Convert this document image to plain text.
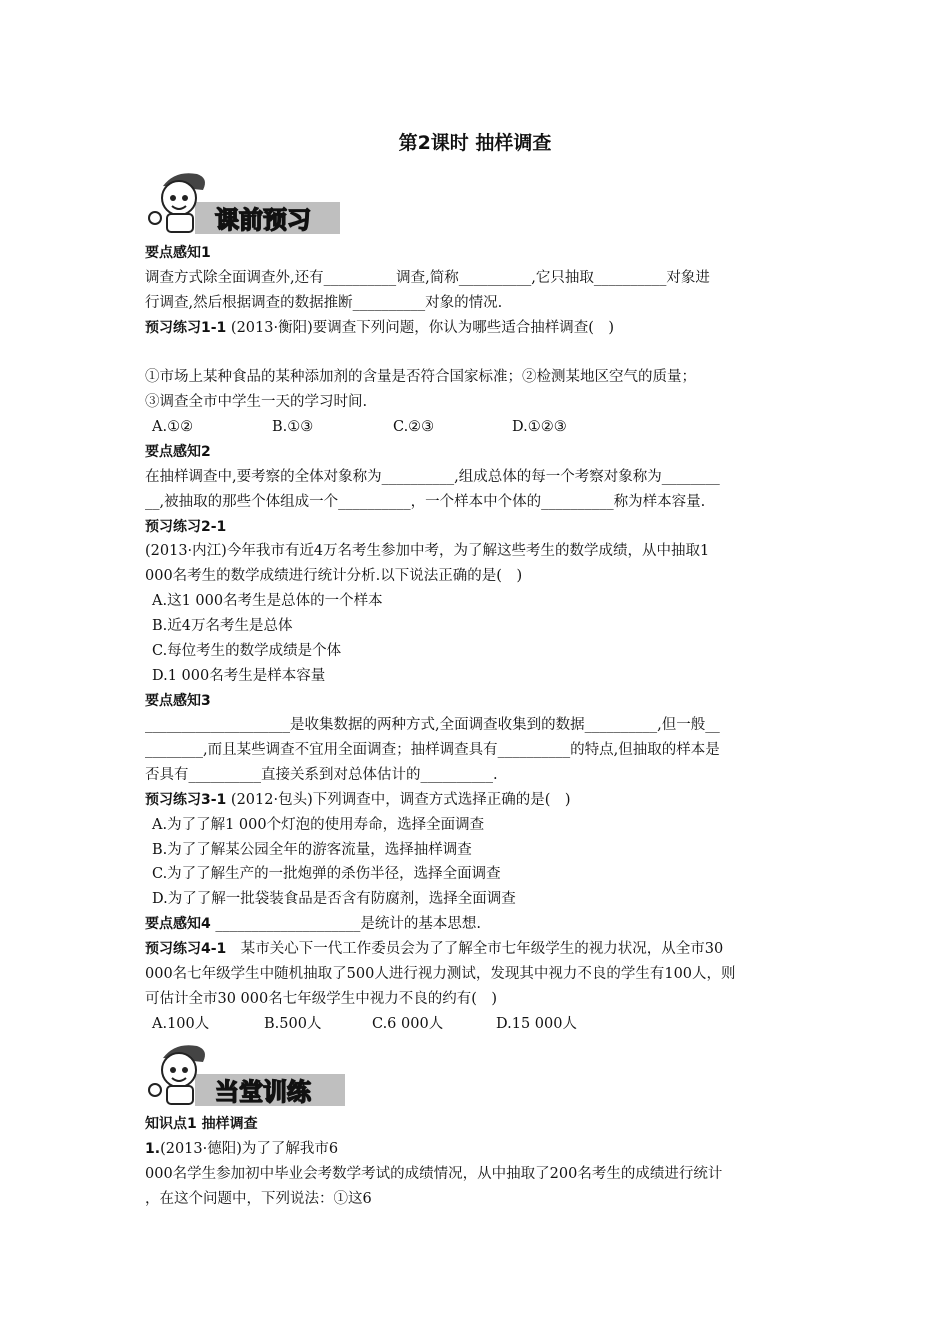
第2课时 抽样调查
课前预习
当堂训练
要点感知1
调查方式除全面调查外,还有__________调查,简称__________,它只抽取__________对象进
行调查,然后根据调查的数据推断__________对象的情况.
预习练习1-1 (2013·衡阳)要调查下列问题，你认为哪些适合抽样调查(　)
①市场上某种食品的某种添加剂的含量是否符合国家标准；②检测某地区空气的质量；
③调查全市中学生一天的学习时间.
A.①②	B.①③	C.②③	D.①②③
要点感知2
在抽样调查中,要考察的全体对象称为__________,组成总体的每一个考察对象称为________
__,被抽取的那些个体组成一个__________，一个样本中个体的__________称为样本容量.
预习练习2-1
(2013·内江)今年我市有近4万名考生参加中考，为了解这些考生的数学成绩，从中抽取1
000名考生的数学成绩进行统计分析.以下说法正确的是(　)
A.这1 000名考生是总体的一个样本
B.近4万名考生是总体
C.每位考生的数学成绩是个体
D.1 000名考生是样本容量
要点感知3
____________________是收集数据的两种方式,全面调查收集到的数据__________,但一般__
________,而且某些调查不宜用全面调查；抽样调查具有__________的特点,但抽取的样本是
否具有__________直接关系到对总体估计的__________.
预习练习3-1 (2012·包头)下列调查中，调查方式选择正确的是(　)
A.为了了解1 000个灯泡的使用寿命，选择全面调查
B.为了了解某公园全年的游客流量，选择抽样调查
C.为了了解生产的一批炮弹的杀伤半径，选择全面调查
D.为了了解一批袋装食品是否含有防腐剂，选择全面调查
要点感知4 ____________________是统计的基本思想.
预习练习4-1　某市关心下一代工作委员会为了了解全市七年级学生的视力状况，从全市30
000名七年级学生中随机抽取了500人进行视力测试，发现其中视力不良的学生有100人，则
可估计全市30 000名七年级学生中视力不良的约有(　)
A.100人	B.500人	C.6 000人	D.15 000人
知识点1 抽样调查
1.(2013·德阳)为了了解我市6
000名学生参加初中毕业会考数学考试的成绩情况，从中抽取了200名考生的成绩进行统计
，在这个问题中，下列说法：①这6
